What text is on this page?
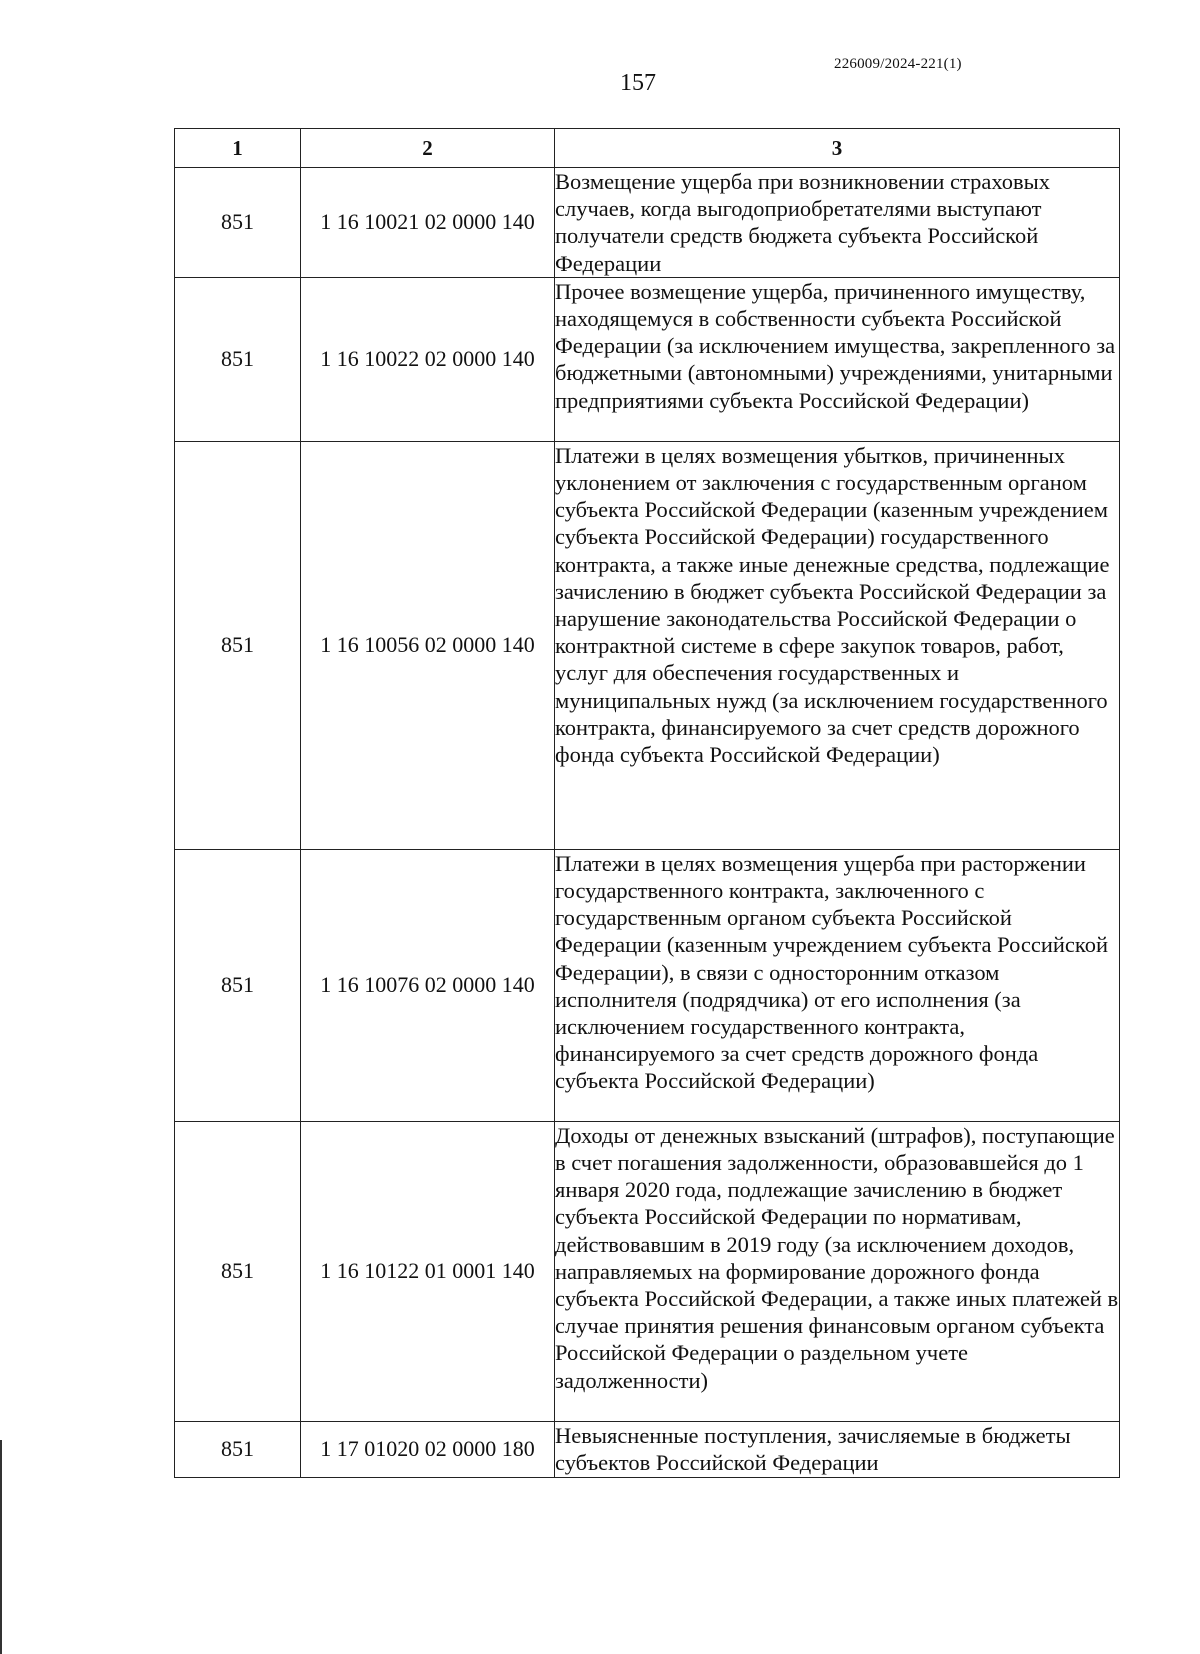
226009/2024-221(1)
157
1	2	3
851	1 16 10021 02 0000 140	Возмещение ущерба при возникновении страховых случаев, когда выгодоприобретателями выступают получатели средств бюджета субъекта Российской Федерации
851	1 16 10022 02 0000 140	Прочее возмещение ущерба, причиненного имуществу, находящемуся в собственности субъекта Российской Федерации (за исключением имущества, закрепленного за бюджетными (автономными) учреждениями, унитарными предприятиями субъекта Российской Федерации)
851	1 16 10056 02 0000 140	Платежи в целях возмещения убытков, причиненных уклонением от заключения с государственным органом субъекта Российской Федерации (казенным учреждением субъекта Российской Федерации) государственного контракта, а также иные денежные средства, подлежащие зачислению в бюджет субъекта Российской Федерации за нарушение законодательства Российской Федерации о контрактной системе в сфере закупок товаров, работ, услуг для обеспечения государственных и муниципальных нужд (за исключением государственного контракта, финансируемого за счет средств дорожного фонда субъекта Российской Федерации)
851	1 16 10076 02 0000 140	Платежи в целях возмещения ущерба при расторжении государственного контракта, заключенного с государственным органом субъекта Российской Федерации (казенным учреждением субъекта Российской Федерации), в связи с односторонним отказом исполнителя (подрядчика) от его исполнения (за исключением государственного контракта, финансируемого за счет средств дорожного фонда субъекта Российской Федерации)
851	1 16 10122 01 0001 140	Доходы от денежных взысканий (штрафов), поступающие в счет погашения задолженности, образовавшейся до 1 января 2020 года, подлежащие зачислению в бюджет субъекта Российской Федерации по нормативам, действовавшим в 2019 году (за исключением доходов, направляемых на формирование дорожного фонда субъекта Российской Федерации, а также иных платежей в случае принятия решения финансовым органом субъекта Российской Федерации о раздельном учете задолженности)
851	1 17 01020 02 0000 180	Невыясненные поступления, зачисляемые в бюджеты субъектов Российской Федерации
